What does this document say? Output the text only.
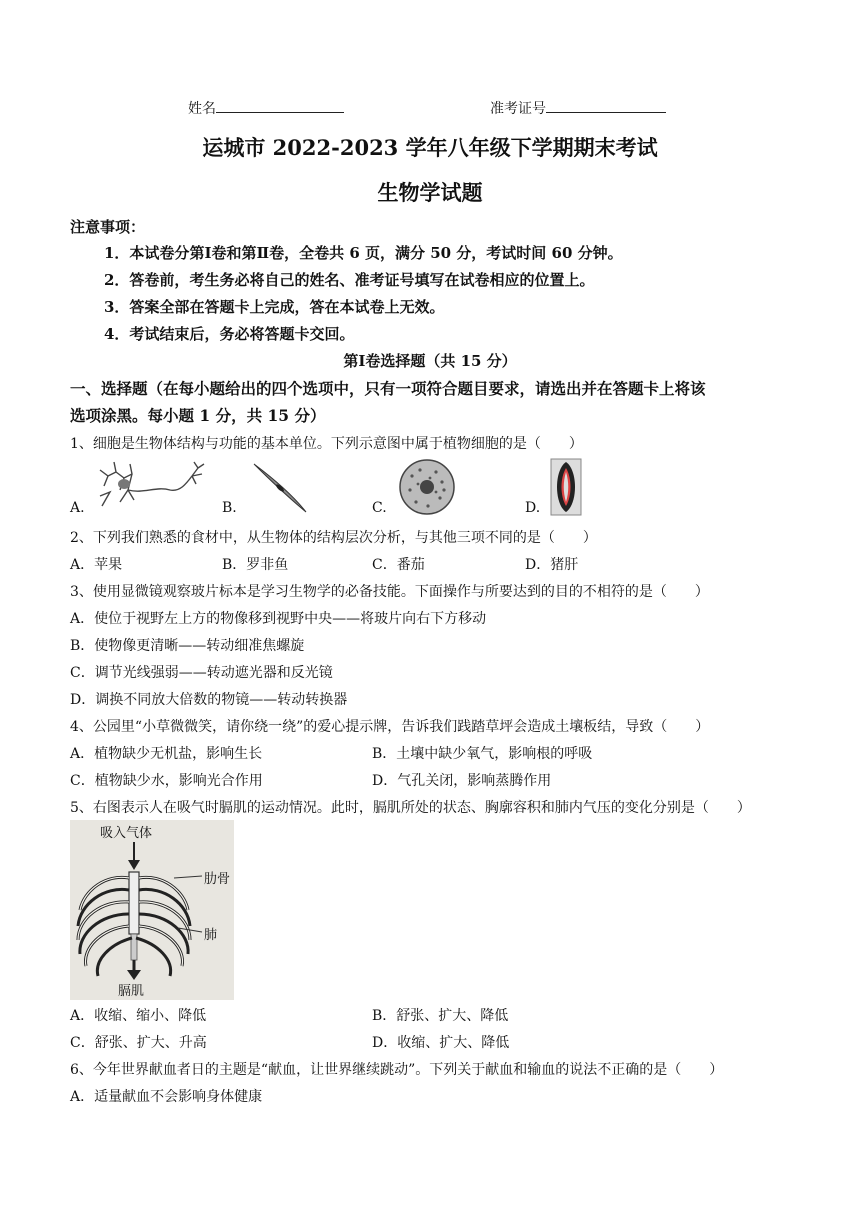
姓名	准考证号
运城市 2022-2023 学年八年级下学期期末考试
生物学试题
注意事项：
1．本试卷分第Ⅰ卷和第Ⅱ卷，全卷共 6 页，满分 50 分，考试时间 60 分钟。
2．答卷前，考生务必将自己的姓名、准考证号填写在试卷相应的位置上。
3．答案全部在答题卡上完成，答在本试卷上无效。
4．考试结束后，务必将答题卡交回。
第Ⅰ卷选择题（共 15 分）
一、选择题（在每小题给出的四个选项中，只有一项符合题目要求，请选出并在答题卡上将该
选项涂黑。每小题 1 分，共 15 分）
1、细胞是生物体结构与功能的基本单位。下列示意图中属于植物细胞的是（　　）
A.	B.	C.	D.
2、下列我们熟悉的食材中，从生物体的结构层次分析，与其他三项不同的是（　　）
A．苹果	B．罗非鱼	C．番茄	D．猪肝
3、使用显微镜观察玻片标本是学习生物学的必备技能。下面操作与所要达到的目的不相符的是（　　）
A．使位于视野左上方的物像移到视野中央——将玻片向右下方移动
B．使物像更清晰——转动细准焦螺旋
C．调节光线强弱——转动遮光器和反光镜
D．调换不同放大倍数的物镜——转动转换器
4、公园里“小草微微笑，请你绕一绕”的爱心提示牌，告诉我们践踏草坪会造成土壤板结，导致（　　）
A．植物缺少无机盐，影响生长	B．土壤中缺少氧气，影响根的呼吸
C．植物缺少水，影响光合作用	D．气孔关闭，影响蒸腾作用
5、右图表示人在吸气时膈肌的运动情况。此时，膈肌所处的状态、胸廓容积和肺内气压的变化分别是（　　）
吸入气体
肋骨
肺
膈肌
A．收缩、缩小、降低	B．舒张、扩大、降低
C．舒张、扩大、升高	D．收缩、扩大、降低
6、今年世界献血者日的主题是“献血，让世界继续跳动”。下列关于献血和输血的说法不正确的是（　　）
A．适量献血不会影响身体健康
